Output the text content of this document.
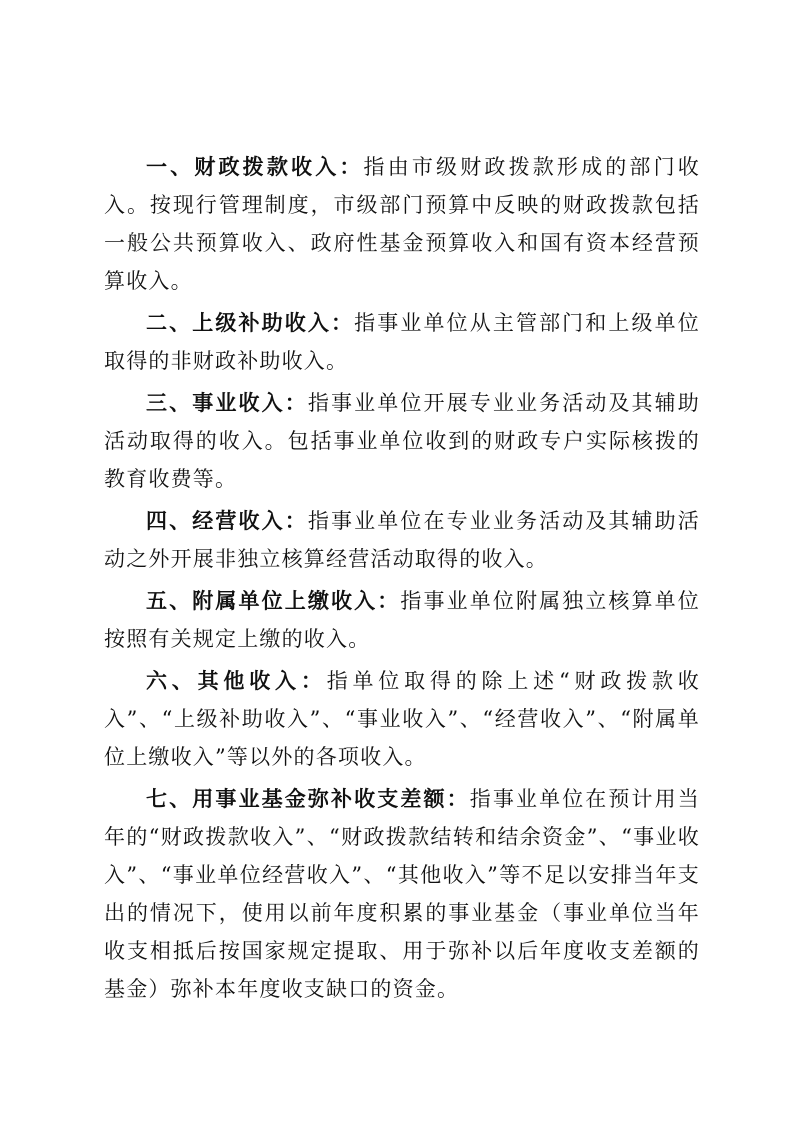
一、财政拨款收入：指由市级财政拨款形成的部门收入。按现行管理制度，市级部门预算中反映的财政拨款包括一般公共预算收入、政府性基金预算收入和国有资本经营预算收入。

二、上级补助收入：指事业单位从主管部门和上级单位取得的非财政补助收入。

三、事业收入：指事业单位开展专业业务活动及其辅助活动取得的收入。包括事业单位收到的财政专户实际核拨的教育收费等。

四、经营收入：指事业单位在专业业务活动及其辅助活动之外开展非独立核算经营活动取得的收入。

五、附属单位上缴收入：指事业单位附属独立核算单位按照有关规定上缴的收入。

六、其他收入：指单位取得的除上述“财政拨款收入”、“上级补助收入”、“事业收入”、“经营收入”、“附属单位上缴收入”等以外的各项收入。

七、用事业基金弥补收支差额：指事业单位在预计用当年的“财政拨款收入”、“财政拨款结转和结余资金”、“事业收入”、“事业单位经营收入”、“其他收入”等不足以安排当年支出的情况下，使用以前年度积累的事业基金（事业单位当年收支相抵后按国家规定提取、用于弥补以后年度收支差额的基金）弥补本年度收支缺口的资金。
